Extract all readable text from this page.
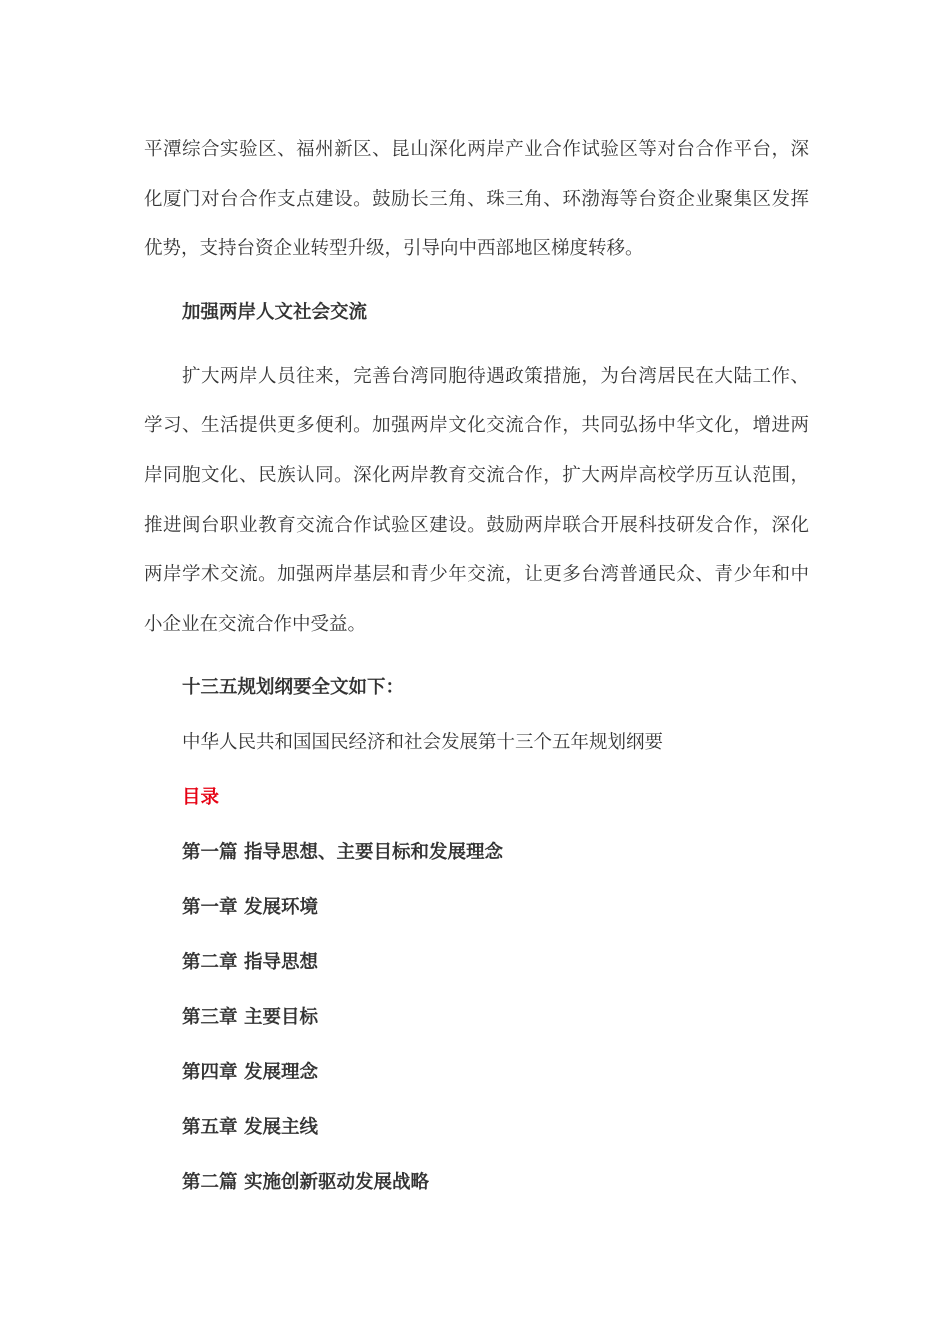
平潭综合实验区、福州新区、昆山深化两岸产业合作试验区等对台合作平台，深化厦门对台合作支点建设。鼓励长三角、珠三角、环渤海等台资企业聚集区发挥优势，支持台资企业转型升级，引导向中西部地区梯度转移。

加强两岸人文社会交流

扩大两岸人员往来，完善台湾同胞待遇政策措施，为台湾居民在大陆工作、学习、生活提供更多便利。加强两岸文化交流合作，共同弘扬中华文化，增进两岸同胞文化、民族认同。深化两岸教育交流合作，扩大两岸高校学历互认范围，推进闽台职业教育交流合作试验区建设。鼓励两岸联合开展科技研发合作，深化两岸学术交流。加强两岸基层和青少年交流，让更多台湾普通民众、青少年和中小企业在交流合作中受益。

十三五规划纲要全文如下：

中华人民共和国国民经济和社会发展第十三个五年规划纲要

目录

第一篇 指导思想、主要目标和发展理念

第一章 发展环境

第二章 指导思想

第三章 主要目标

第四章 发展理念

第五章 发展主线

第二篇 实施创新驱动发展战略
